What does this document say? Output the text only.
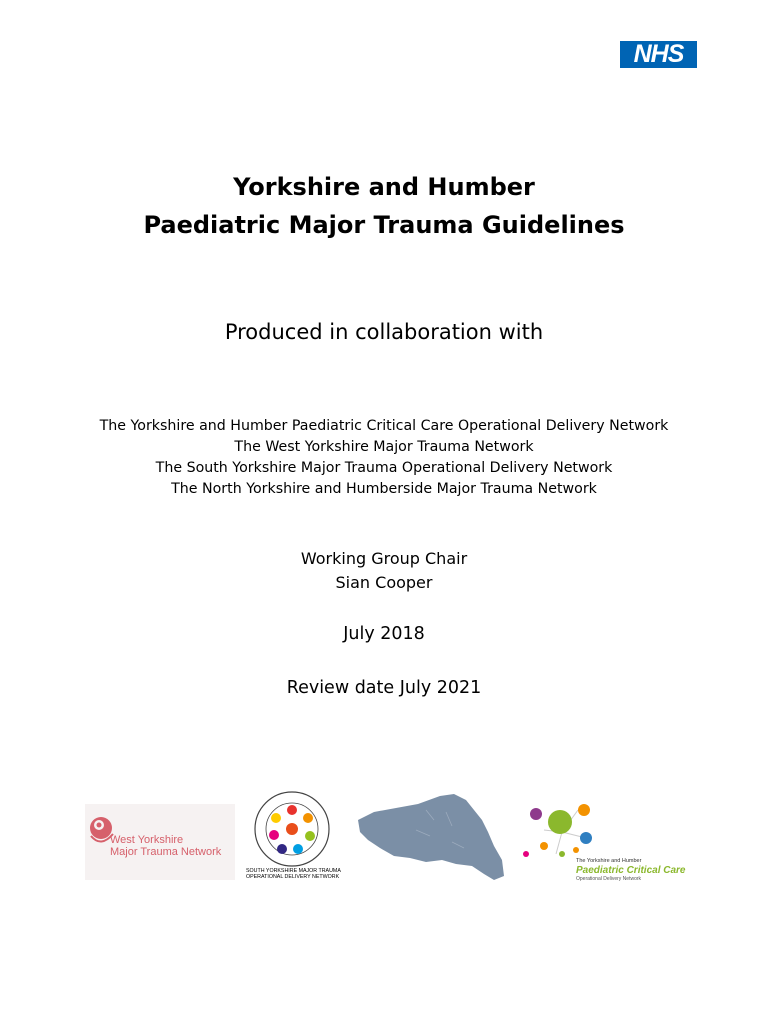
NHS
Yorkshire and Humber
Paediatric Major Trauma Guidelines
Produced in collaboration with
The Yorkshire and Humber Paediatric Critical Care Operational Delivery Network
The West Yorkshire Major Trauma Network
The South Yorkshire Major Trauma Operational Delivery Network
The North Yorkshire and Humberside Major Trauma Network
Working Group Chair
Sian Cooper
July 2018
Review date July 2021
West Yorkshire
Major Trauma Network
SOUTH YORKSHIRE MAJOR TRAUMA
OPERATIONAL DELIVERY NETWORK
The Yorkshire and Humber
Paediatric Critical Care
Operational Delivery Network
